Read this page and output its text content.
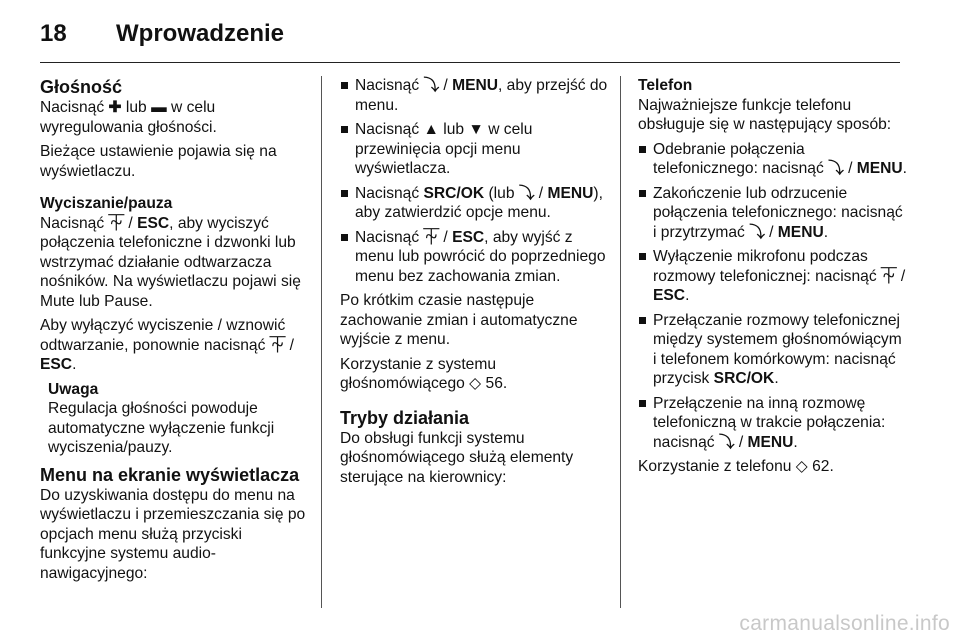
18 Wprowadzenie
Głośność

Nacisnąć ✚ lub ▬ w celu wyregulowania głośności.

Bieżące ustawienie pojawia się na wyświetlaczu.

Wyciszanie/pauza

Nacisnąć ⏇ / ESC, aby wyciszyć połączenia telefoniczne i dzwonki lub wstrzymać działanie odtwarzacza nośników. Na wyświetlaczu pojawi się Mute lub Pause.

Aby wyłączyć wyciszenie / wznowić odtwarzanie, ponownie nacisnąć ⏇ / ESC.

Uwaga
Regulacja głośności powoduje automatyczne wyłączenie funkcji wyciszenia/pauzy.
Menu na ekranie wyświetlacza

Do uzyskiwania dostępu do menu na wyświetlaczu i przemieszczania się po opcjach menu służą przyciski funkcyjne systemu audio-nawigacyjnego:

Nacisnąć ⤵ / MENU, aby przejść do menu.
Nacisnąć ▲ lub ▼ w celu przewinięcia opcji menu wyświetlacza.
Nacisnąć SRC/OK (lub ⤵ / MENU), aby zatwierdzić opcje menu.
Nacisnąć ⏇ / ESC, aby wyjść z menu lub powrócić do poprzedniego menu bez zachowania zmian.

Po krótkim czasie następuje zachowanie zmian i automatyczne wyjście z menu.

Korzystanie z systemu głośnomówiącego ◇ 56.

Tryby działania

Do obsługi funkcji systemu głośnomówiącego służą elementy sterujące na kierownicy:

Telefon

Najważniejsze funkcje telefonu obsługuje się w następujący sposób:

Odebranie połączenia telefonicznego: nacisnąć ⤵ / MENU.
Zakończenie lub odrzucenie połączenia telefonicznego: nacisnąć i przytrzymać ⤵ / MENU.
Wyłączenie mikrofonu podczas rozmowy telefonicznej: nacisnąć ⏇ / ESC.
Przełączanie rozmowy telefonicznej między systemem głośnomówiącym i telefonem komórkowym: nacisnąć przycisk SRC/OK.
Przełączenie na inną rozmowę telefoniczną w trakcie połączenia: nacisnąć ⤵ / MENU.

Korzystanie z telefonu ◇ 62.

carmanualsonline.info
